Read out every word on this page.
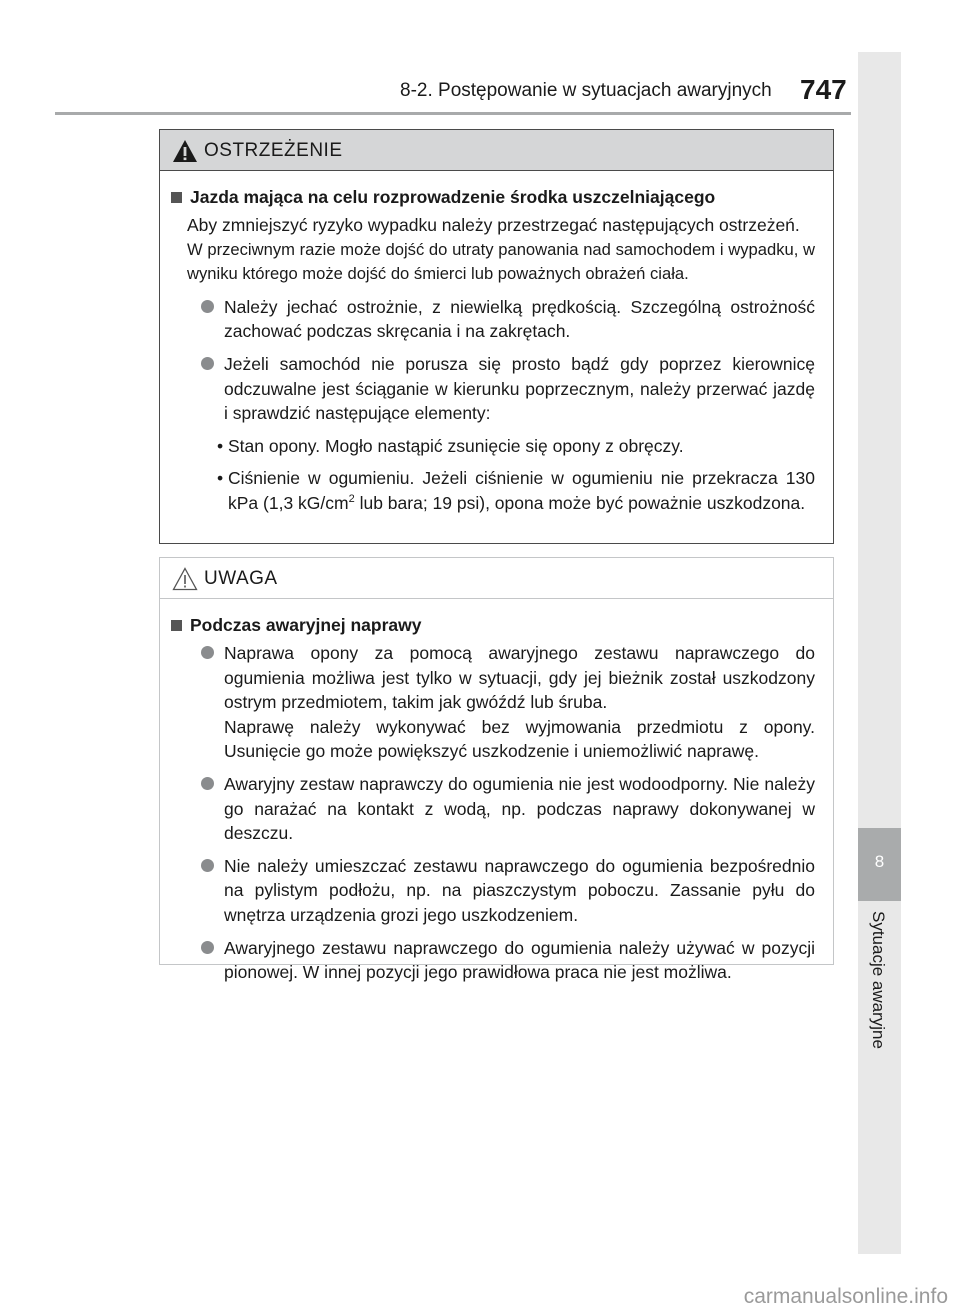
8-2. Postępowanie w sytuacjach awaryjnych 747
8
Sytuacje awaryjne
OSTRZEŻENIE
Jazda mająca na celu rozprowadzenie środka uszczelniającego

Aby zmniejszyć ryzyko wypadku należy przestrzegać następujących ostrzeżeń.

W przeciwnym razie może dojść do utraty panowania nad samochodem i wypadku, w wyniku którego może dojść do śmierci lub poważnych obrażeń ciała.

Należy jechać ostrożnie, z niewielką prędkością. Szczególną ostrożność zachować podczas skręcania i na zakrętach.

Jeżeli samochód nie porusza się prosto bądź gdy poprzez kierownicę odczuwalne jest ściąganie w kierunku poprzecznym, należy przerwać jazdę i sprawdzić następujące elementy:

• Stan opony. Mogło nastąpić zsunięcie się opony z obręczy.

• Ciśnienie w ogumieniu. Jeżeli ciśnienie w ogumieniu nie przekracza 130 kPa (1,3 $kG/cm^2$ lub bara; 19 psi), opona może być poważnie uszkodzona.

UWAGA
Podczas awaryjnej naprawy

Naprawa opony za pomocą awaryjnego zestawu naprawczego do ogumienia możliwa jest tylko w sytuacji, gdy jej bieżnik został uszkodzony ostrym przedmiotem, takim jak gwóźdź lub śruba.

Naprawę należy wykonywać bez wyjmowania przedmiotu z opony. Usunięcie go może powiększyć uszkodzenie i uniemożliwić naprawę.

Awaryjny zestaw naprawczy do ogumienia nie jest wodoodporny. Nie należy go narażać na kontakt z wodą, np. podczas naprawy dokonywanej w deszczu.

Nie należy umieszczać zestawu naprawczego do ogumienia bezpośrednio na pylistym podłożu, np. na piaszczystym poboczu. Zassanie pyłu do wnętrza urządzenia grozi jego uszkodzeniem.

Awaryjnego zestawu naprawczego do ogumienia należy używać w pozycji pionowej. W innej pozycji jego prawidłowa praca nie jest możliwa.

carmanualsonline.info
